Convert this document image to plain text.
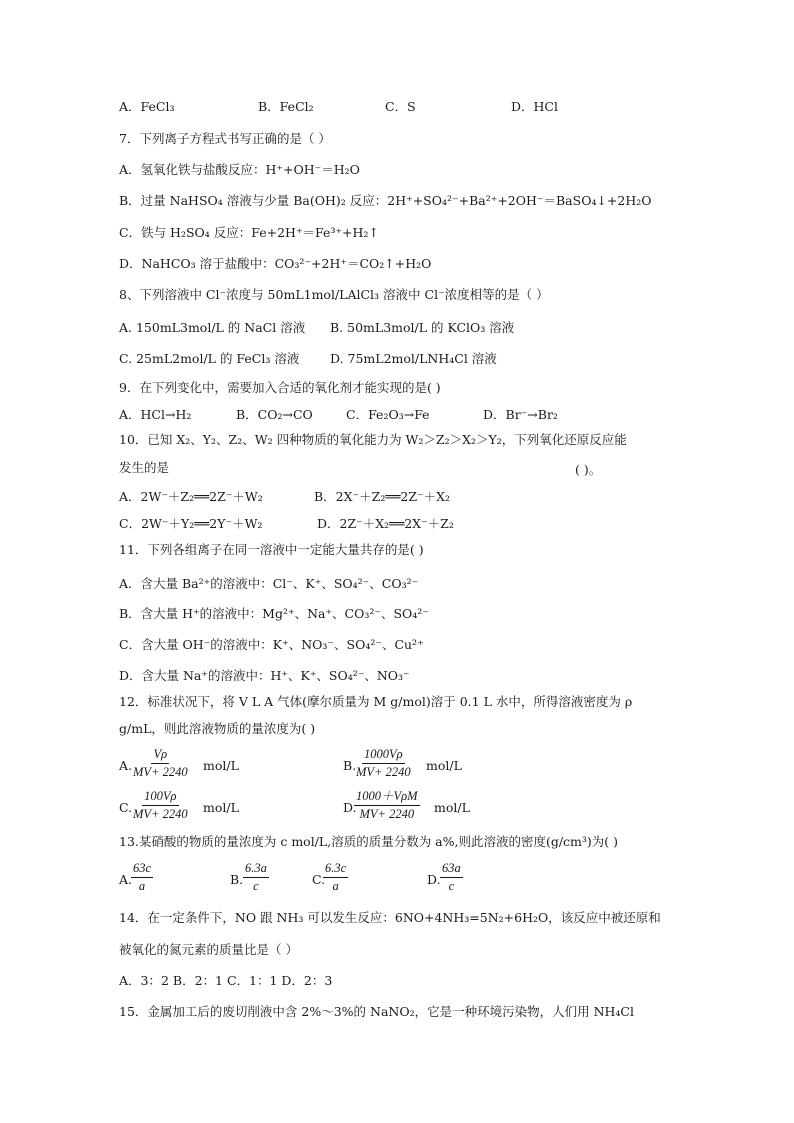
A．FeCl₃	B．FeCl₂	C．S	D．HCl
7．下列离子方程式书写正确的是（ ）
A．氢氧化铁与盐酸反应：H⁺+OH⁻＝H₂O
B．过量 NaHSO₄ 溶液与少量 Ba(OH)₂ 反应：2H⁺+SO₄²⁻+Ba²⁺+2OH⁻＝BaSO₄↓+2H₂O
C．铁与 H₂SO₄ 反应：Fe+2H⁺＝Fe³⁺+H₂↑
D．NaHCO₃ 溶于盐酸中：CO₃²⁻+2H⁺＝CO₂↑+H₂O
8、下列溶液中 Cl⁻浓度与 50mL1mol/LAlCl₃ 溶液中 Cl⁻浓度相等的是（ ）
A. 150mL3mol/L 的 NaCl 溶液 B. 50mL3mol/L 的 KClO₃ 溶液
C. 25mL2mol/L 的 FeCl₃ 溶液 D. 75mL2mol/LNH₄Cl 溶液
9．在下列变化中，需要加入合适的氧化剂才能实现的是( )
A．HCl→H₂	B．CO₂→CO	C．Fe₂O₃→Fe	D．Br⁻→Br₂
10．已知 X₂、Y₂、Z₂、W₂ 四种物质的氧化能力为 W₂＞Z₂＞X₂＞Y₂，下列氧化还原反应能
发生的是	( )。
A．2W⁻＋Z₂══2Z⁻＋W₂	B．2X⁻＋Z₂══2Z⁻＋X₂
C．2W⁻＋Y₂══2Y⁻＋W₂	D．2Z⁻＋X₂══2X⁻＋Z₂
11．下列各组离子在同一溶液中一定能大量共存的是( )
A．含大量 Ba²⁺的溶液中：Cl⁻、K⁺、SO₄²⁻、CO₃²⁻
B．含大量 H⁺的溶液中：Mg²⁺、Na⁺、CO₃²⁻、SO₄²⁻
C．含大量 OH⁻的溶液中：K⁺、NO₃⁻、SO₄²⁻、Cu²⁺
D．含大量 Na⁺的溶液中：H⁺、K⁺、SO₄²⁻、NO₃⁻
12．标准状况下，将 V L A 气体(摩尔质量为 M g/mol)溶于 0.1 L 水中，所得溶液密度为 ρ
g/mL，则此溶液物质的量浓度为( )
A.
$\frac{V\rho}{MV+ 2240} mol/L$	B.
$\frac{1000V\rho}{MV+ 2240} mol/L$
C.
$\frac{100V\rho}{MV+ 2240} mol/L$	D.
1000＋VρM
MV+ 2240 mol/L
13.某硝酸的物质的量浓度为 c mol/L,溶质的质量分数为 a%,则此溶液的密度(g/cm³)为( )
A.
$\frac{63c}{a}$	B. $\frac{6.3a}{c}$	C.
$\frac{6.3c}{a}$	D. $\frac{63a}{c}$
14．在一定条件下，NO 跟 NH₃ 可以发生反应：6NO+4NH₃=5N₂+6H₂O，该反应中被还原和
被氧化的氮元素的质量比是（ ）
A．3：2 B．2：1 C．1：1 D．2：3
15．金属加工后的废切削液中含 2%～3%的 NaNO₂，它是一种环境污染物，人们用 NH₄Cl
